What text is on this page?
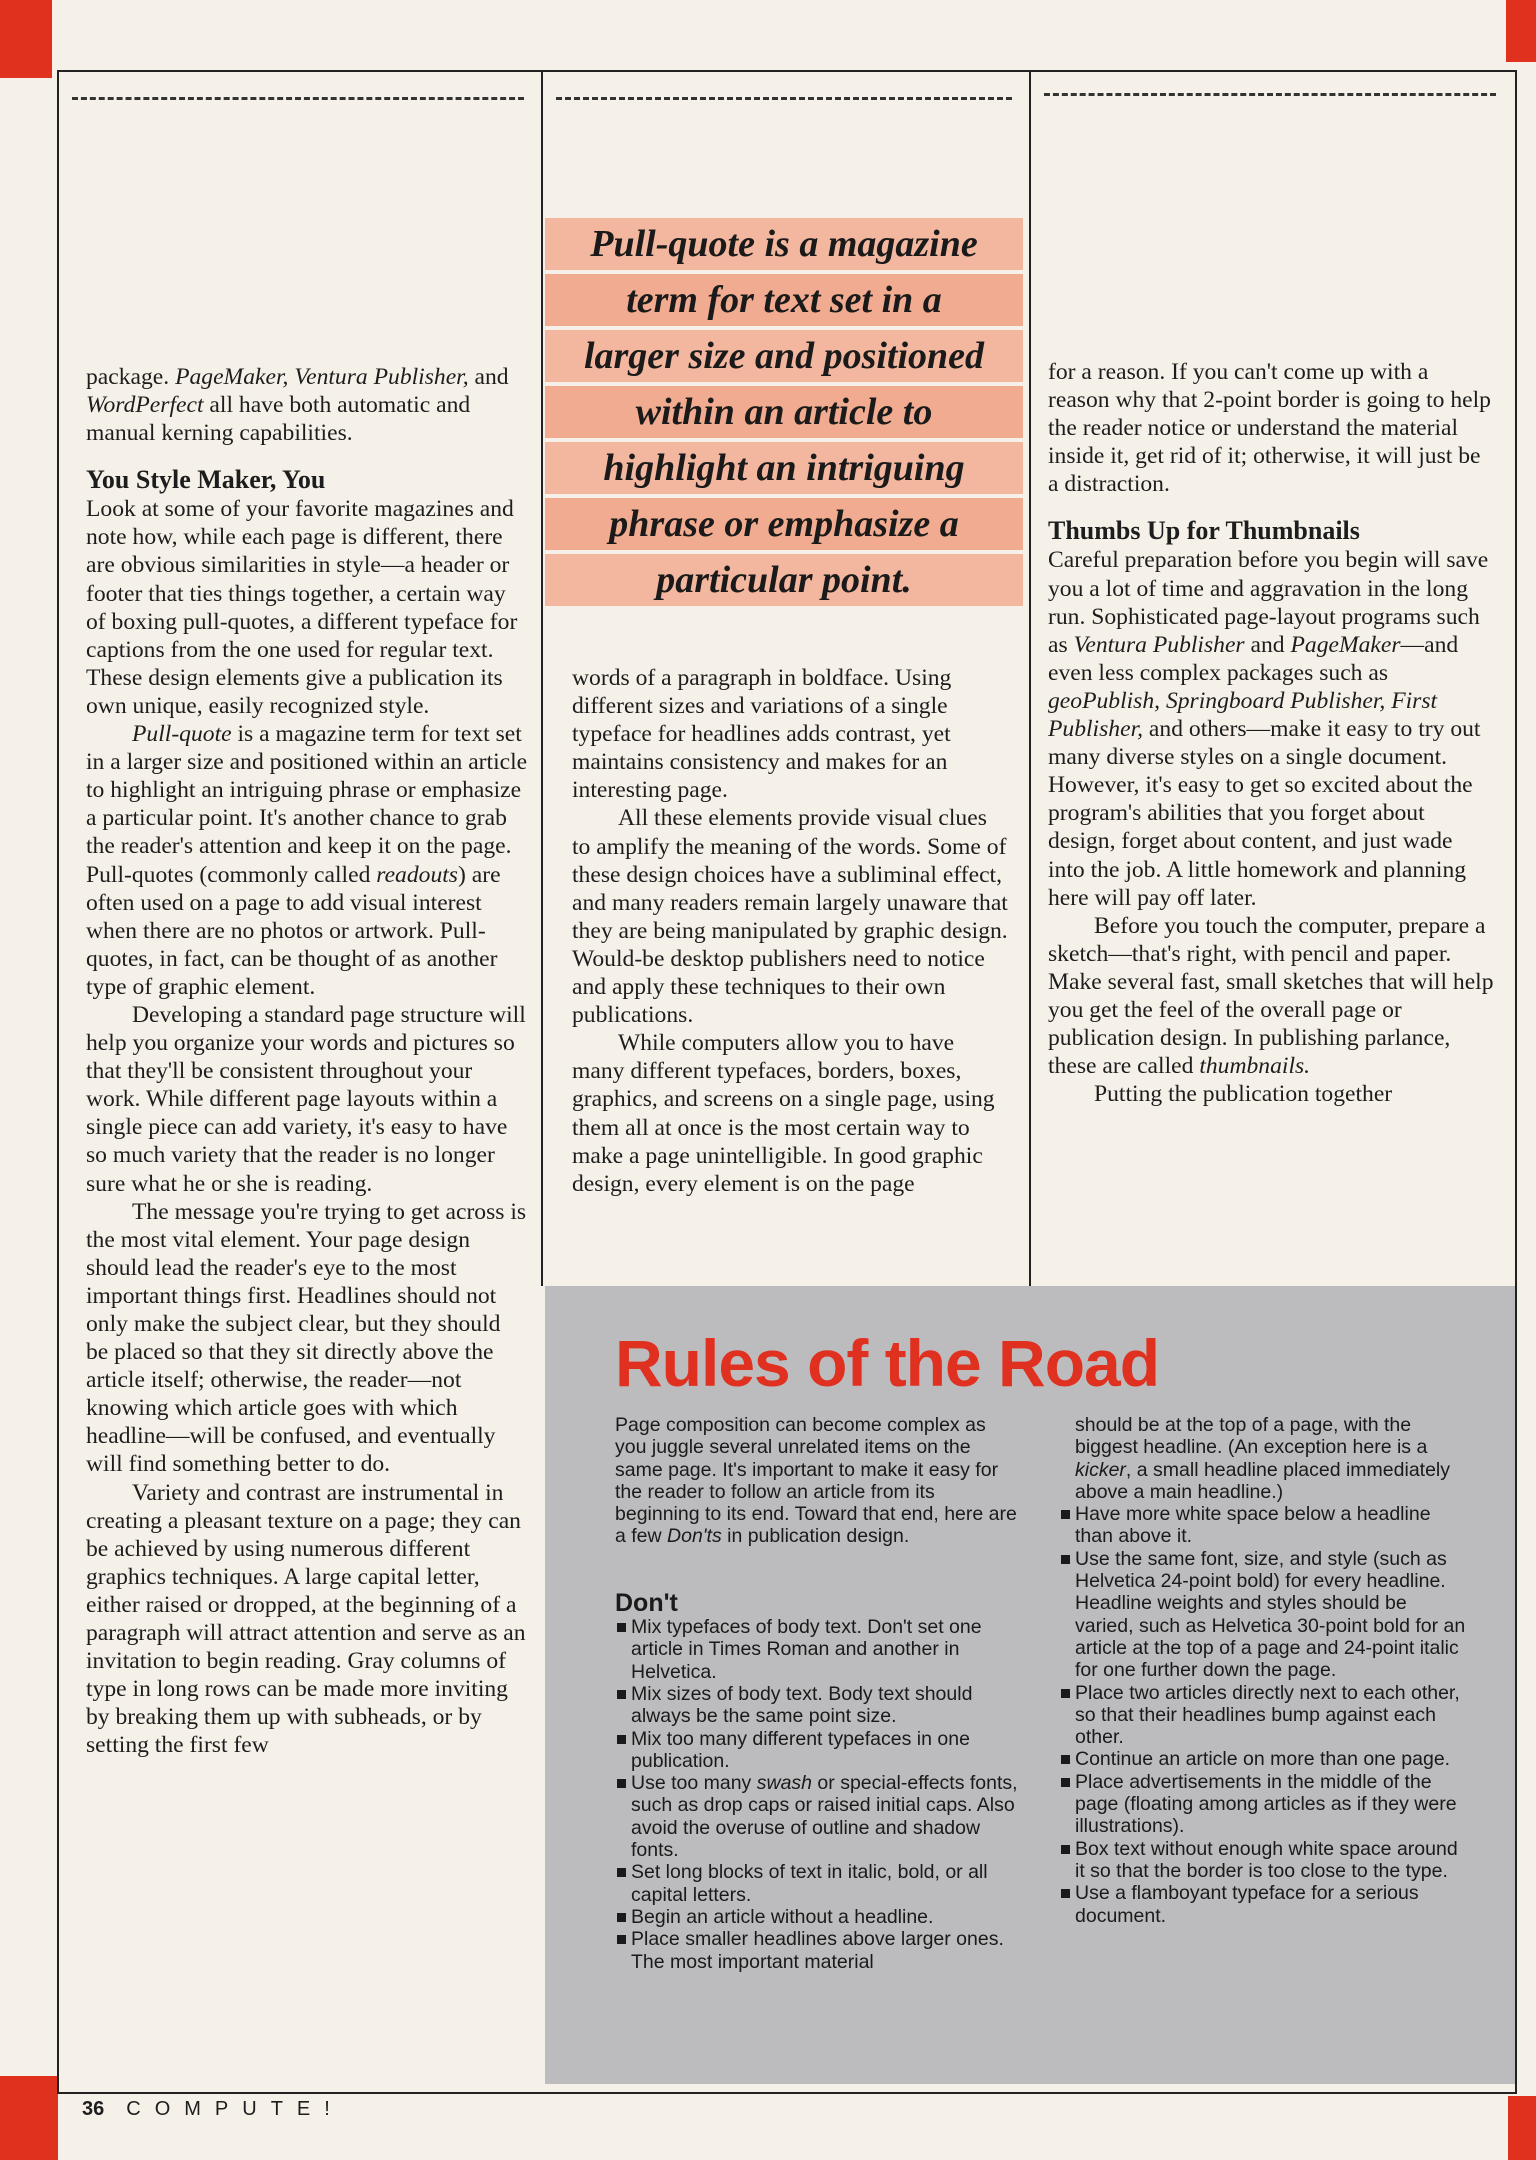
package. PageMaker, Ventura Publisher, and WordPerfect all have both automatic and manual kerning capabilities.

You Style Maker, You

Look at some of your favorite magazines and note how, while each page is different, there are obvious similarities in style—a header or footer that ties things together, a certain way of boxing pull-quotes, a different typeface for captions from the one used for regular text. These design elements give a publication its own unique, easily recognized style.

Pull-quote is a magazine term for text set in a larger size and positioned within an article to highlight an intriguing phrase or emphasize a particular point. It's another chance to grab the reader's attention and keep it on the page. Pull-quotes (commonly called readouts) are often used on a page to add visual interest when there are no photos or artwork. Pull-quotes, in fact, can be thought of as another type of graphic element.

Developing a standard page structure will help you organize your words and pictures so that they'll be consistent throughout your work. While different page layouts within a single piece can add variety, it's easy to have so much variety that the reader is no longer sure what he or she is reading.

The message you're trying to get across is the most vital element. Your page design should lead the reader's eye to the most important things first. Headlines should not only make the subject clear, but they should be placed so that they sit directly above the article itself; otherwise, the reader—not knowing which article goes with which headline—will be confused, and eventually will find something better to do.

Variety and contrast are instrumental in creating a pleasant texture on a page; they can be achieved by using numerous different graphics techniques. A large capital letter, either raised or dropped, at the beginning of a paragraph will attract attention and serve as an invitation to begin reading. Gray columns of type in long rows can be made more inviting by breaking them up with subheads, or by setting the first few

Pull-quote is a magazine
term for text set in a
larger size and positioned
within an article to
highlight an intriguing
phrase or emphasize a
particular point.

words of a paragraph in boldface. Using different sizes and variations of a single typeface for headlines adds contrast, yet maintains consistency and makes for an interesting page.

All these elements provide visual clues to amplify the meaning of the words. Some of these design choices have a subliminal effect, and many readers remain largely unaware that they are being manipulated by graphic design. Would-be desktop publishers need to notice and apply these techniques to their own publications.

While computers allow you to have many different typefaces, borders, boxes, graphics, and screens on a single page, using them all at once is the most certain way to make a page unintelligible. In good graphic design, every element is on the page

for a reason. If you can't come up with a reason why that 2-point border is going to help the reader notice or understand the material inside it, get rid of it; otherwise, it will just be a distraction.

Thumbs Up for Thumbnails

Careful preparation before you begin will save you a lot of time and aggravation in the long run. Sophisticated page-layout programs such as Ventura Publisher and PageMaker—and even less complex packages such as geoPublish, Springboard Publisher, First Publisher, and others—make it easy to try out many diverse styles on a single document. However, it's easy to get so excited about the program's abilities that you forget about design, forget about content, and just wade into the job. A little homework and planning here will pay off later.

Before you touch the computer, prepare a sketch—that's right, with pencil and paper. Make several fast, small sketches that will help you get the feel of the overall page or publication design. In publishing parlance, these are called thumbnails.

Putting the publication together

Rules of the Road

Page composition can become complex as you juggle several unrelated items on the same page. It's important to make it easy for the reader to follow an article from its beginning to its end. Toward that end, here are a few Don'ts in publication design.

Don't
Mix typefaces of body text. Don't set one article in Times Roman and another in Helvetica.
Mix sizes of body text. Body text should always be the same point size.
Mix too many different typefaces in one publication.
Use too many swash or special-effects fonts, such as drop caps or raised initial caps. Also avoid the overuse of outline and shadow fonts.
Set long blocks of text in italic, bold, or all capital letters.
Begin an article without a headline.
Place smaller headlines above larger ones. The most important material
should be at the top of a page, with the biggest headline. (An exception here is a kicker, a small headline placed immediately above a main headline.)
Have more white space below a headline than above it.
Use the same font, size, and style (such as Helvetica 24-point bold) for every headline. Headline weights and styles should be varied, such as Helvetica 30-point bold for an article at the top of a page and 24-point italic for one further down the page.
Place two articles directly next to each other, so that their headlines bump against each other.
Continue an article on more than one page.
Place advertisements in the middle of the page (floating among articles as if they were illustrations).
Box text without enough white space around it so that the border is too close to the type.
Use a flamboyant typeface for a serious document.
36 COMPUTE!
